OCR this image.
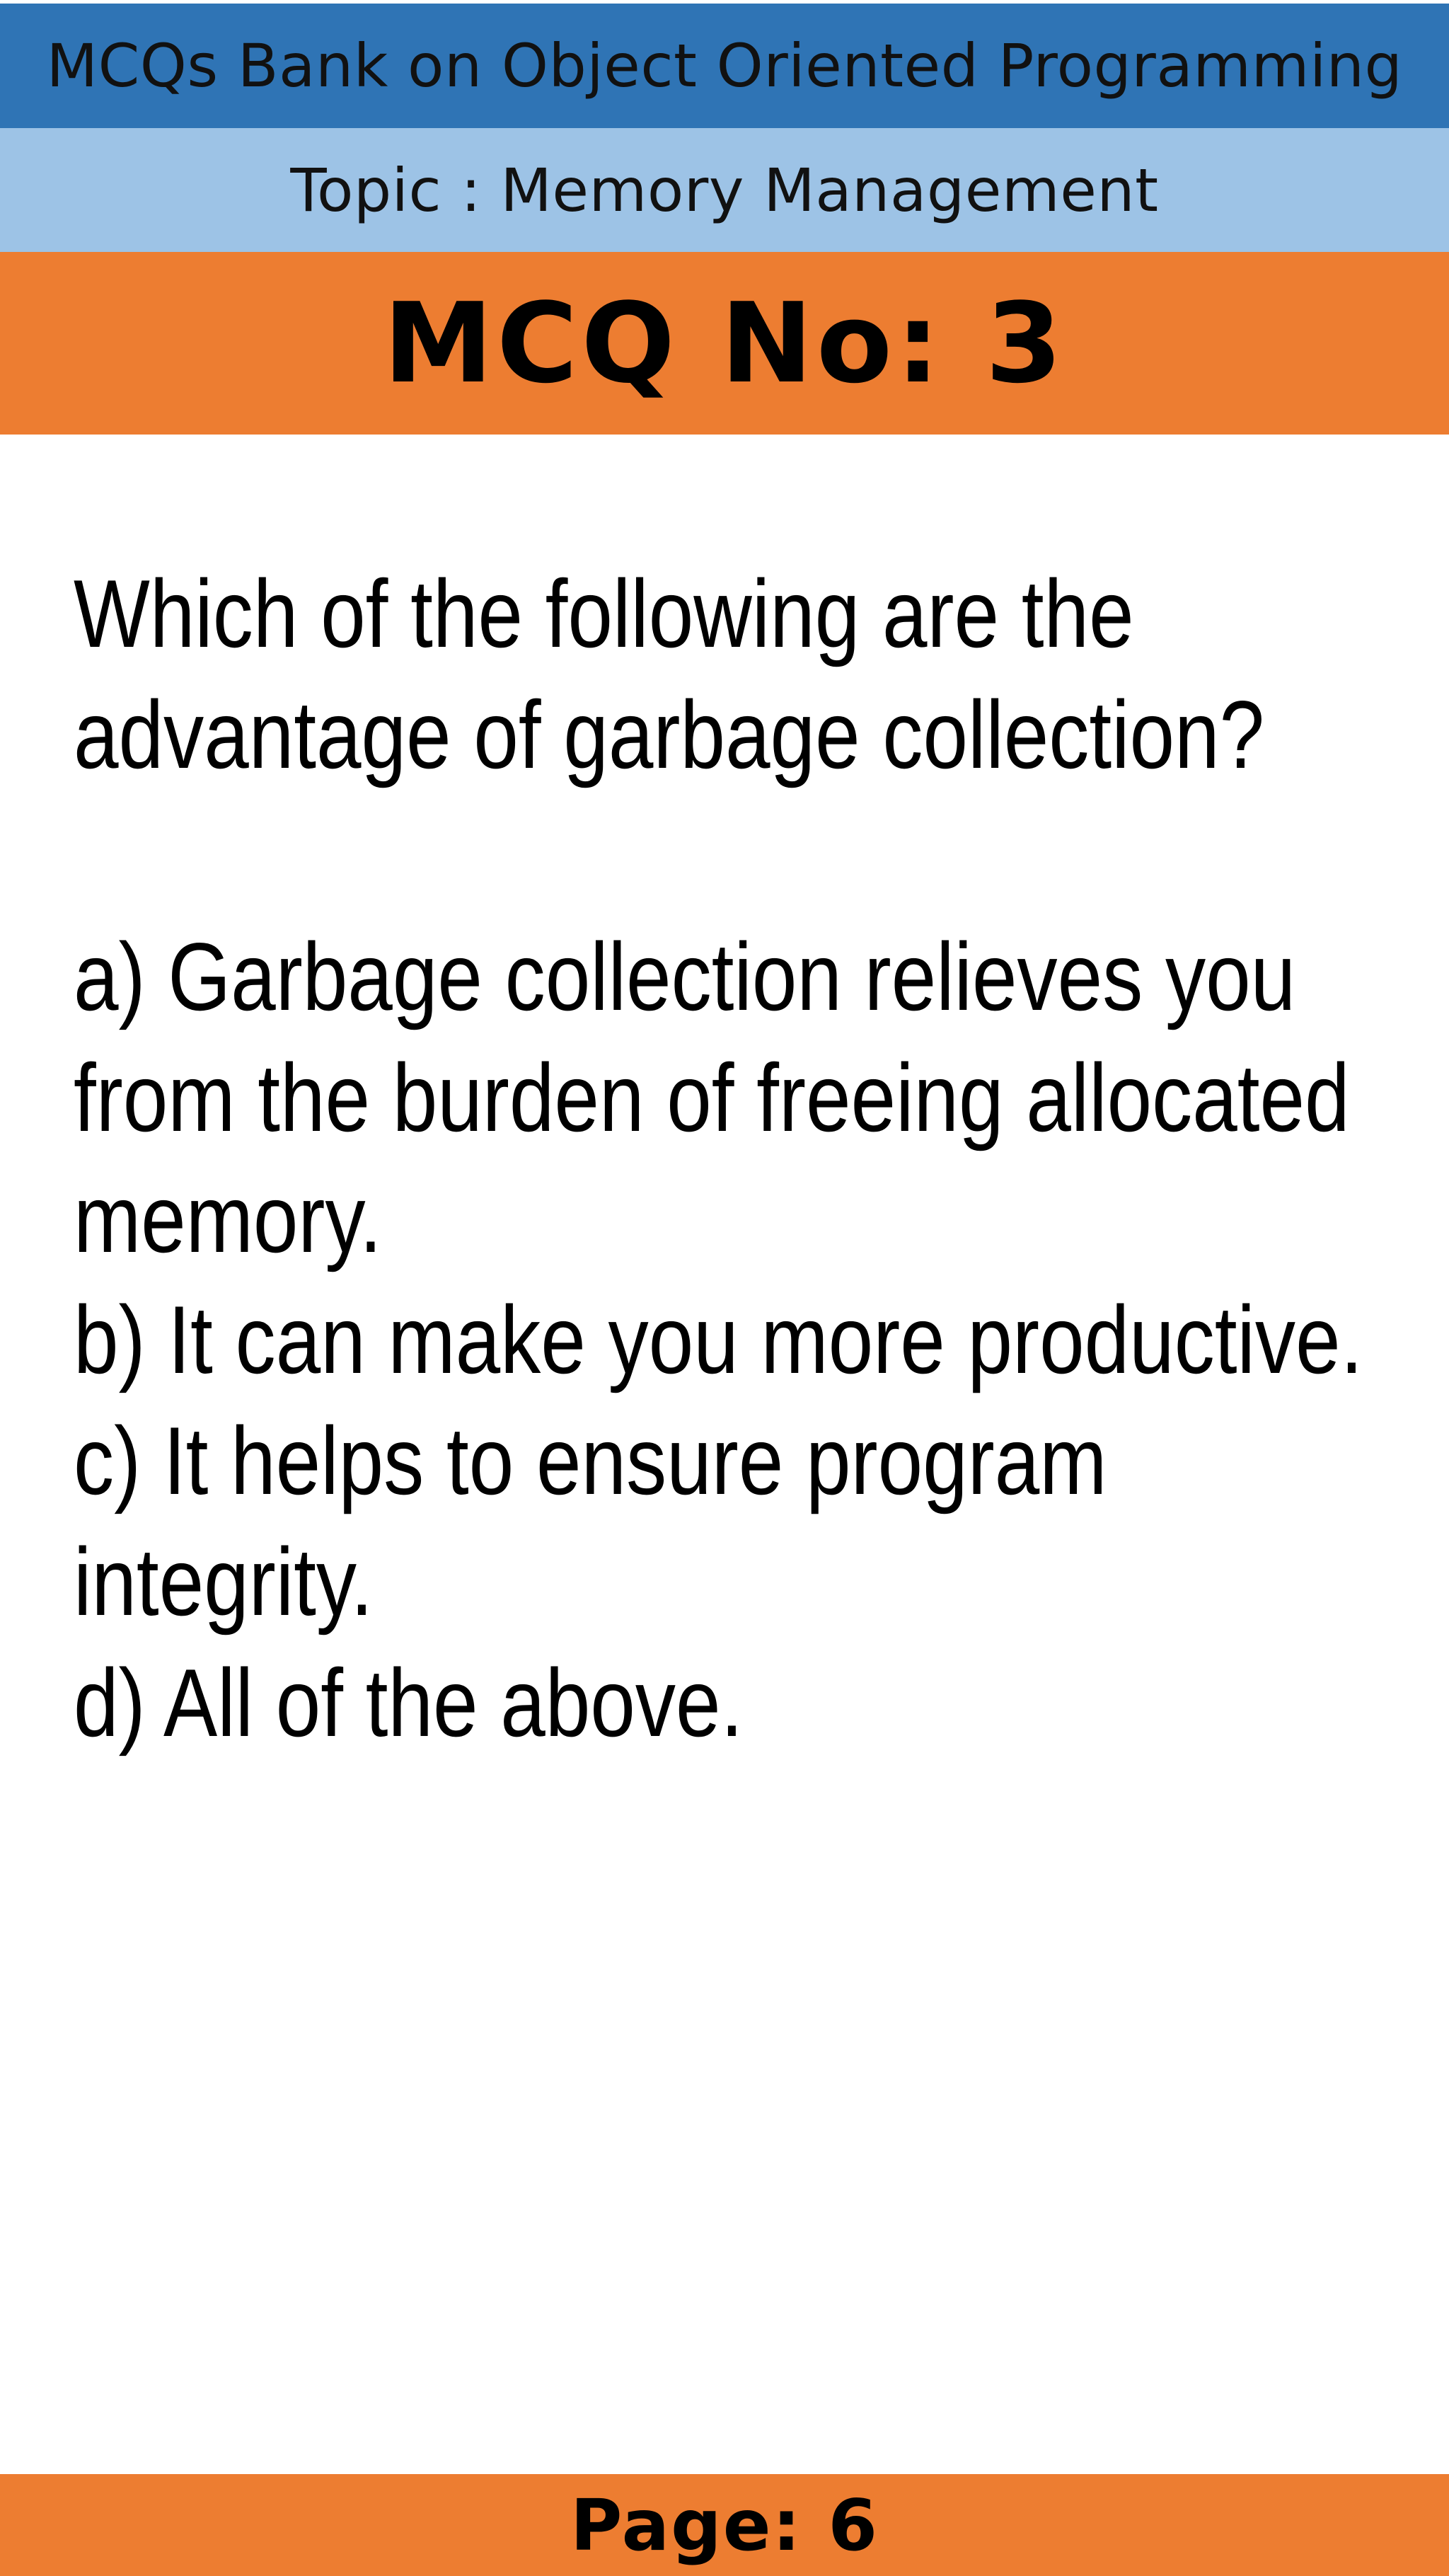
MCQs Bank on Object Oriented Programming
Topic : Memory Management
MCQ No: 3
Which of the following are the
advantage of garbage collection?
a) Garbage collection relieves you
from the burden of freeing allocated
memory.
b) It can make you more productive.
c) It helps to ensure program
integrity.
d) All of the above.
Page: 6
